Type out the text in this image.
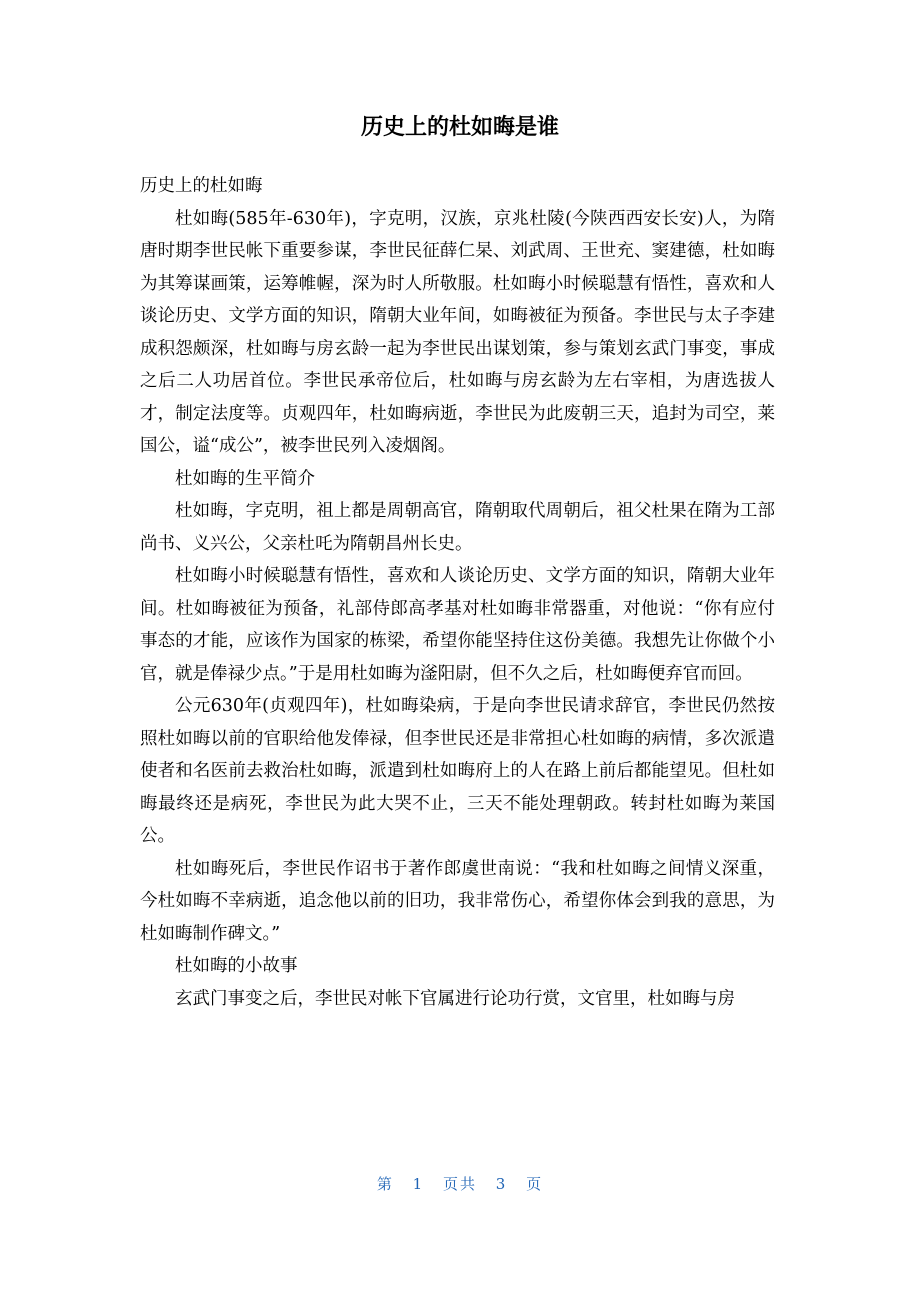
历史上的杜如晦是谁

历史上的杜如晦

杜如晦(585年-630年)，字克明，汉族，京兆杜陵(今陕西西安长安)人，为隋唐时期李世民帐下重要参谋，李世民征薛仁杲、刘武周、王世充、窦建德，杜如晦为其筹谋画策，运筹帷幄，深为时人所敬服。杜如晦小时候聪慧有悟性，喜欢和人谈论历史、文学方面的知识，隋朝大业年间，如晦被征为预备。李世民与太子李建成积怨颇深，杜如晦与房玄龄一起为李世民出谋划策，参与策划玄武门事变，事成之后二人功居首位。李世民承帝位后，杜如晦与房玄龄为左右宰相，为唐选拔人才，制定法度等。贞观四年，杜如晦病逝，李世民为此废朝三天，追封为司空，莱国公，谥“成公”，被李世民列入凌烟阁。

杜如晦的生平简介

杜如晦，字克明，祖上都是周朝高官，隋朝取代周朝后，祖父杜果在隋为工部尚书、义兴公，父亲杜吒为隋朝昌州长史。

杜如晦小时候聪慧有悟性，喜欢和人谈论历史、文学方面的知识，隋朝大业年间。杜如晦被征为预备，礼部侍郎高孝基对杜如晦非常器重，对他说：“你有应付事态的才能，应该作为国家的栋梁，希望你能坚持住这份美德。我想先让你做个小官，就是俸禄少点。”于是用杜如晦为滏阳尉，但不久之后，杜如晦便弃官而回。

公元630年(贞观四年)，杜如晦染病，于是向李世民请求辞官，李世民仍然按照杜如晦以前的官职给他发俸禄，但李世民还是非常担心杜如晦的病情，多次派遣使者和名医前去救治杜如晦，派遣到杜如晦府上的人在路上前后都能望见。但杜如晦最终还是病死，李世民为此大哭不止，三天不能处理朝政。转封杜如晦为莱国公。

杜如晦死后，李世民作诏书于著作郎虞世南说：“我和杜如晦之间情义深重，今杜如晦不幸病逝，追念他以前的旧功，我非常伤心，希望你体会到我的意思，为杜如晦制作碑文。”

杜如晦的小故事

玄武门事变之后，李世民对帐下官属进行论功行赏，文官里，杜如晦与房

第 1 页共 3 页
